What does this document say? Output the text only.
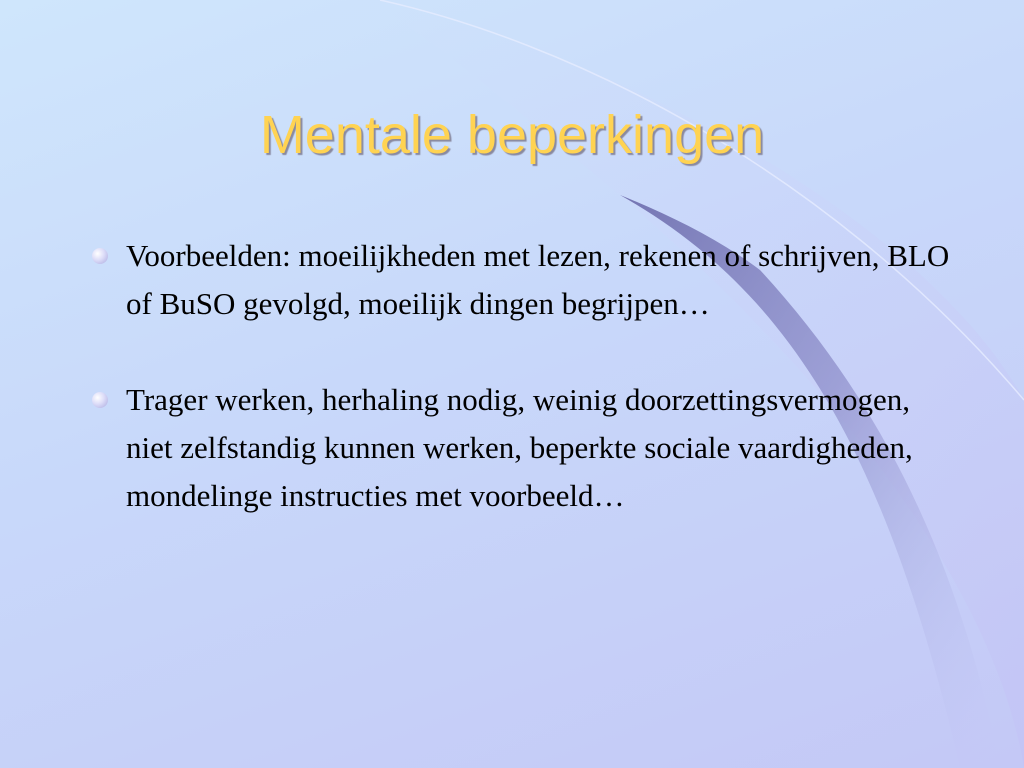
Mentale beperkingen
Voorbeelden: moeilijkheden met lezen, rekenen of schrijven, BLO of BuSO gevolgd, moeilijk dingen begrijpen…
Trager werken, herhaling nodig, weinig doorzettingsvermogen, niet zelfstandig kunnen werken, beperkte sociale vaardigheden, mondelinge instructies met voorbeeld…
